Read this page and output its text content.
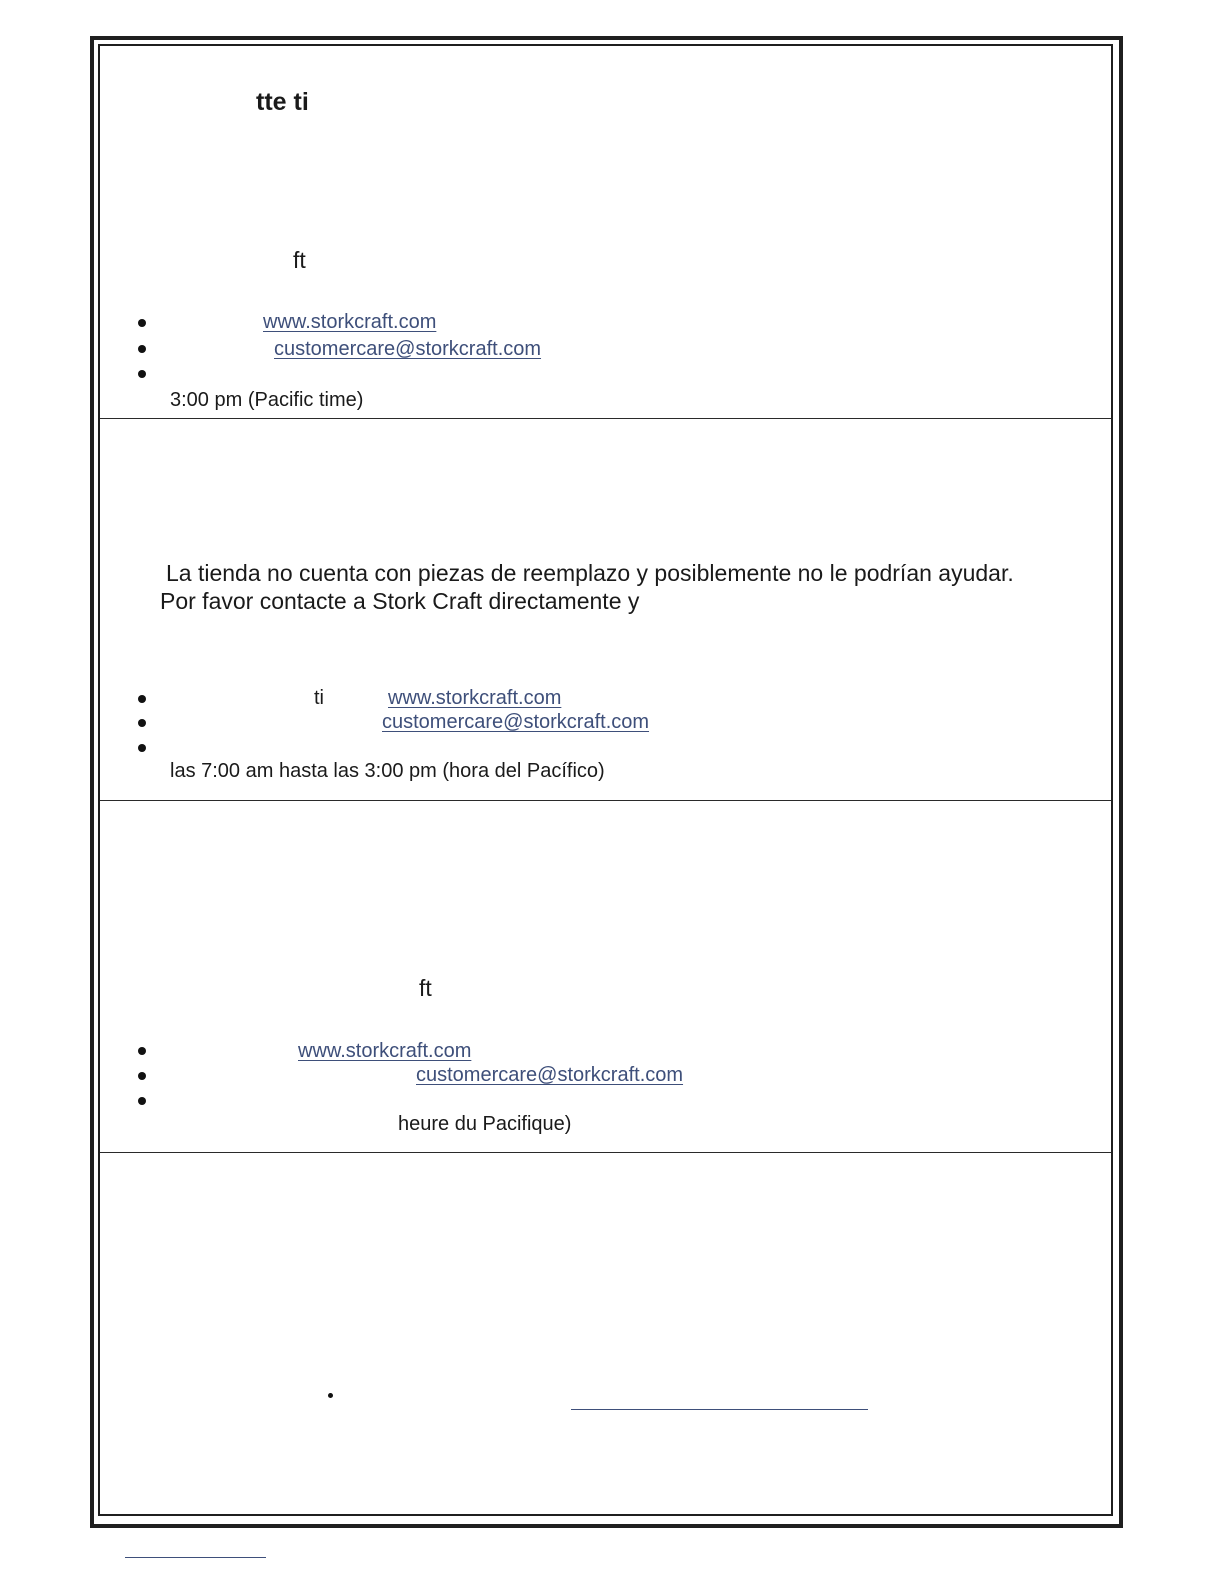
tte ti
ft
www.storkcraft.com
customercare@storkcraft.com
3:00 pm (Pacific time)
La tienda no cuenta con piezas de reemplazo y posiblemente no le podrían ayudar.
Por favor contacte a Stork Craft directamente y
ti	www.storkcraft.com
customercare@storkcraft.com
las 7:00 am hasta las 3:00 pm (hora del Pacífico)
ft
www.storkcraft.com
customercare@storkcraft.com
heure du Pacifique)
